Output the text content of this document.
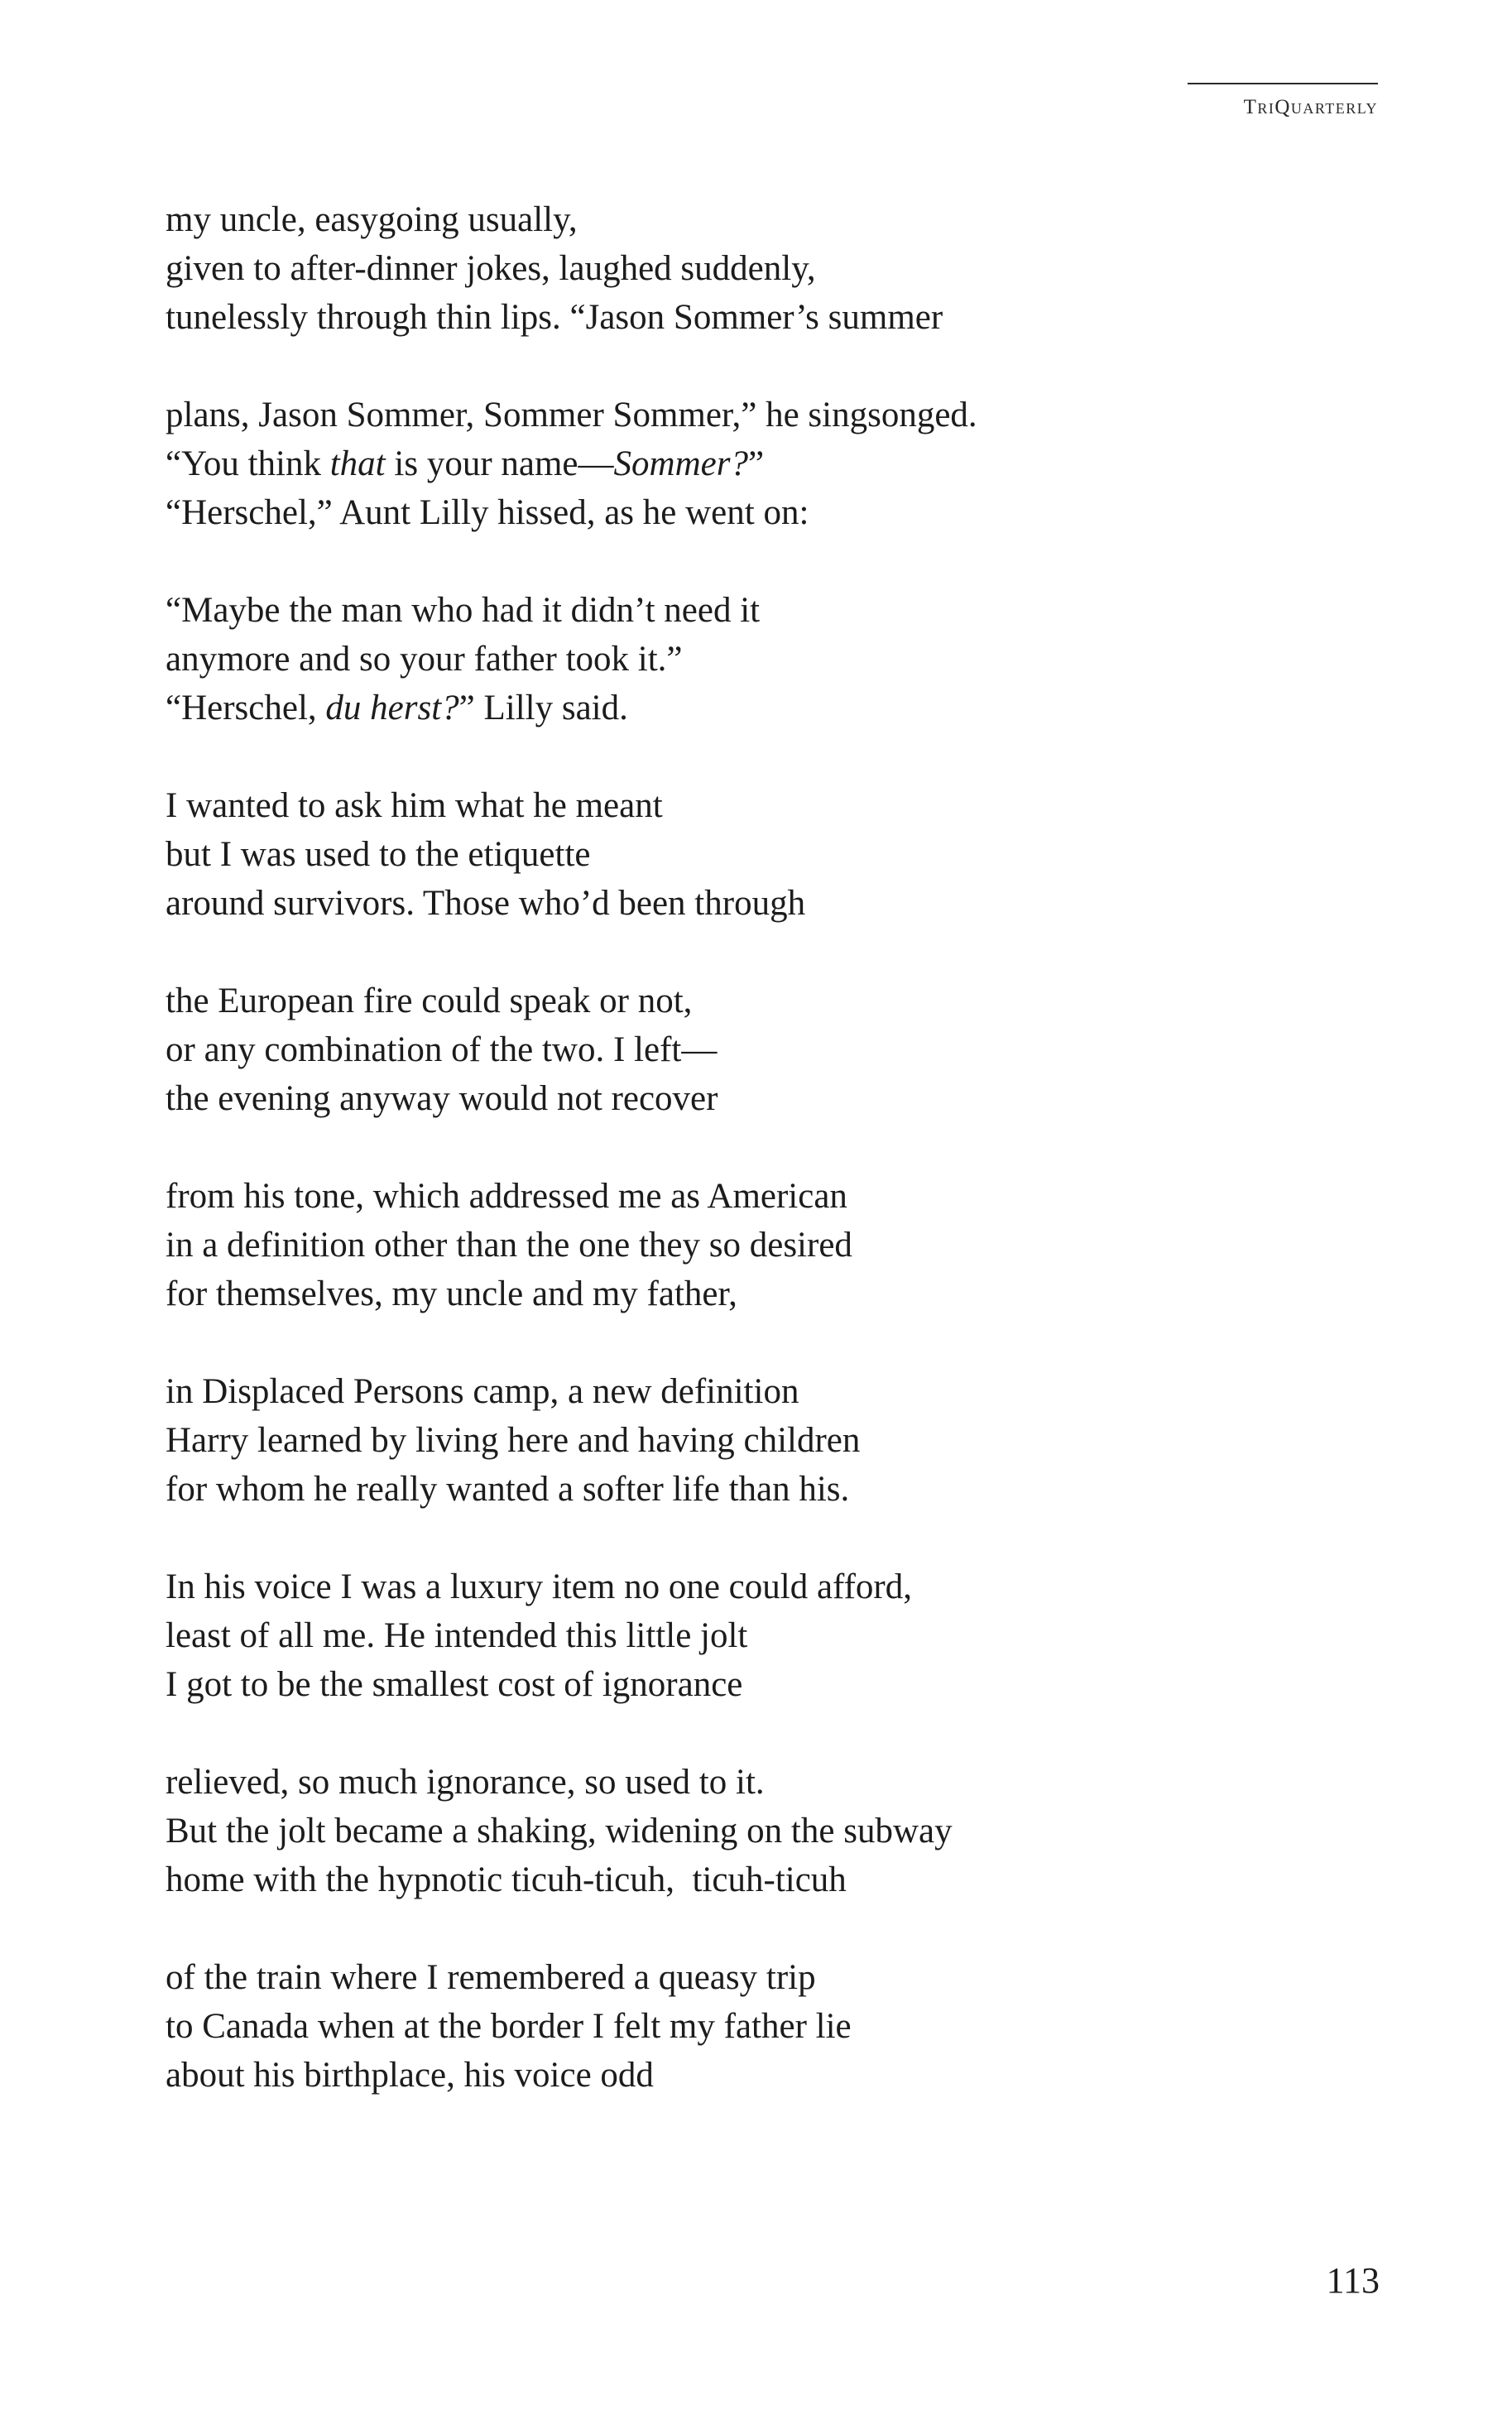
TriQuarterly
my uncle, easygoing usually,
given to after-dinner jokes, laughed suddenly,
tunelessly through thin lips. “Jason Sommer’s summer
plans, Jason Sommer, Sommer Sommer,” he singsonged.
“You think that is your name—Sommer?”
“Herschel,” Aunt Lilly hissed, as he went on:
“Maybe the man who had it didn’t need it
anymore and so your father took it.”
“Herschel, du herst?” Lilly said.
I wanted to ask him what he meant
but I was used to the etiquette
around survivors. Those who’d been through
the European fire could speak or not,
or any combination of the two. I left—
the evening anyway would not recover
from his tone, which addressed me as American
in a definition other than the one they so desired
for themselves, my uncle and my father,
in Displaced Persons camp, a new definition
Harry learned by living here and having children
for whom he really wanted a softer life than his.
In his voice I was a luxury item no one could afford,
least of all me. He intended this little jolt
I got to be the smallest cost of ignorance
relieved, so much ignorance, so used to it.
But the jolt became a shaking, widening on the subway
home with the hypnotic ticuh-ticuh,  ticuh-ticuh
of the train where I remembered a queasy trip
to Canada when at the border I felt my father lie
about his birthplace, his voice odd
113
